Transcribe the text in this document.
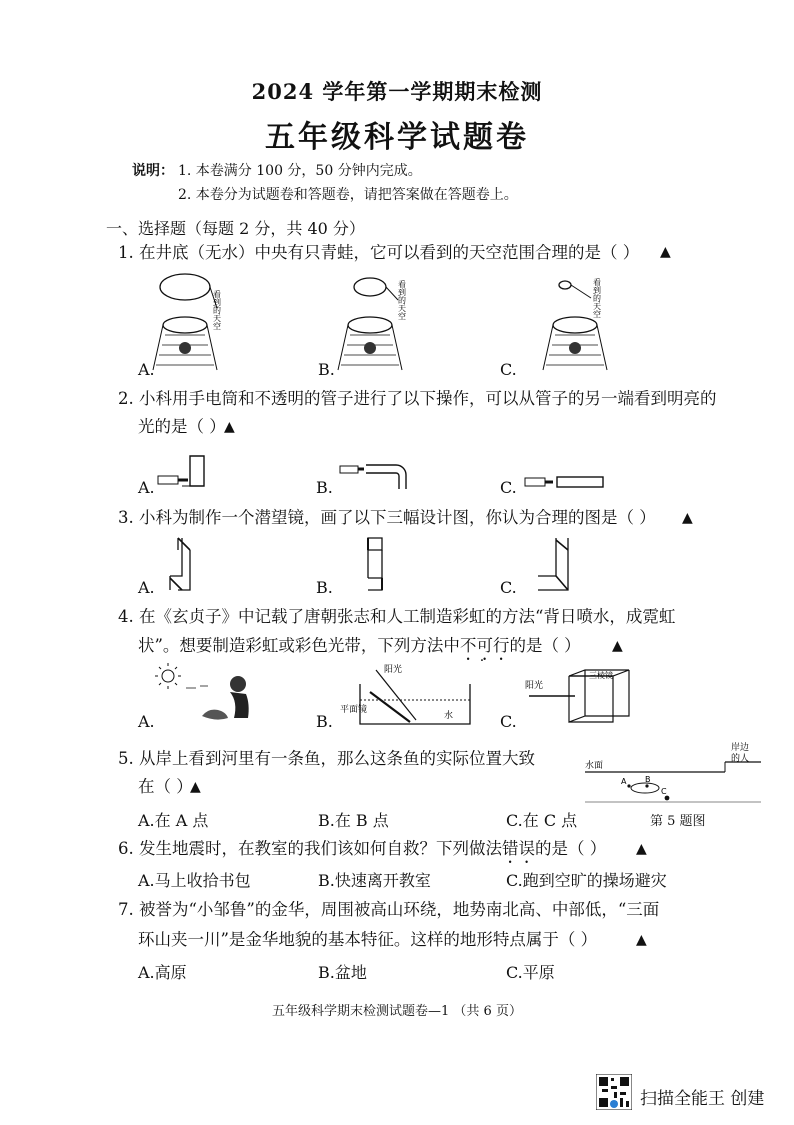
2024 学年第一学期期末检测
五年级科学试题卷
说明： 1. 本卷满分 100 分，50 分钟内完成。
2. 本卷分为试题卷和答题卷，请把答案做在答题卷上。
一、选择题（每题 2 分，共 40 分）
1. 在井底（无水）中央有只青蛙，它可以看到的天空范围合理的是（ ）	▲
看到的天空	看到的天空	看到的天空
A.	B.	C.
2. 小科用手电筒和不透明的管子进行了以下操作，可以从管子的另一端看到明亮的
光的是（ ）
▲
A.	B.	C.
3. 小科为制作一个潜望镜，画了以下三幅设计图，你认为合理的图是（ ）	▲
A.	B.	C.
4. 在《玄贞子》中记载了唐朝张志和人工制造彩虹的方法“背日喷水，成霓虹
状”。想要制造彩虹或彩色光带，下列方法中不可行的是（ ）	▲
阳光
平面镜
水
阳光
三棱镜
A.	B.	C.
5. 从岸上看到河里有一条鱼，那么这条鱼的实际位置大致
在（ ）
▲
A.在 A 点	B.在 B 点	C.在 C 点
岸边的人
水面
A B
C
第 5 题图
6. 发生地震时，在教室的我们该如何自救？下列做法错误的是（ ）	▲
A.马上收拾书包	B.快速离开教室	C.跑到空旷的操场避灾
7. 被誉为“小邹鲁”的金华，周围被高山环绕，地势南北高、中部低，“三面
环山夹一川”是金华地貌的基本特征。这样的地形特点属于（ ）	▲
A.高原	B.盆地	C.平原
五年级科学期末检测试题卷—1 （共 6 页）
扫描全能王 创建
